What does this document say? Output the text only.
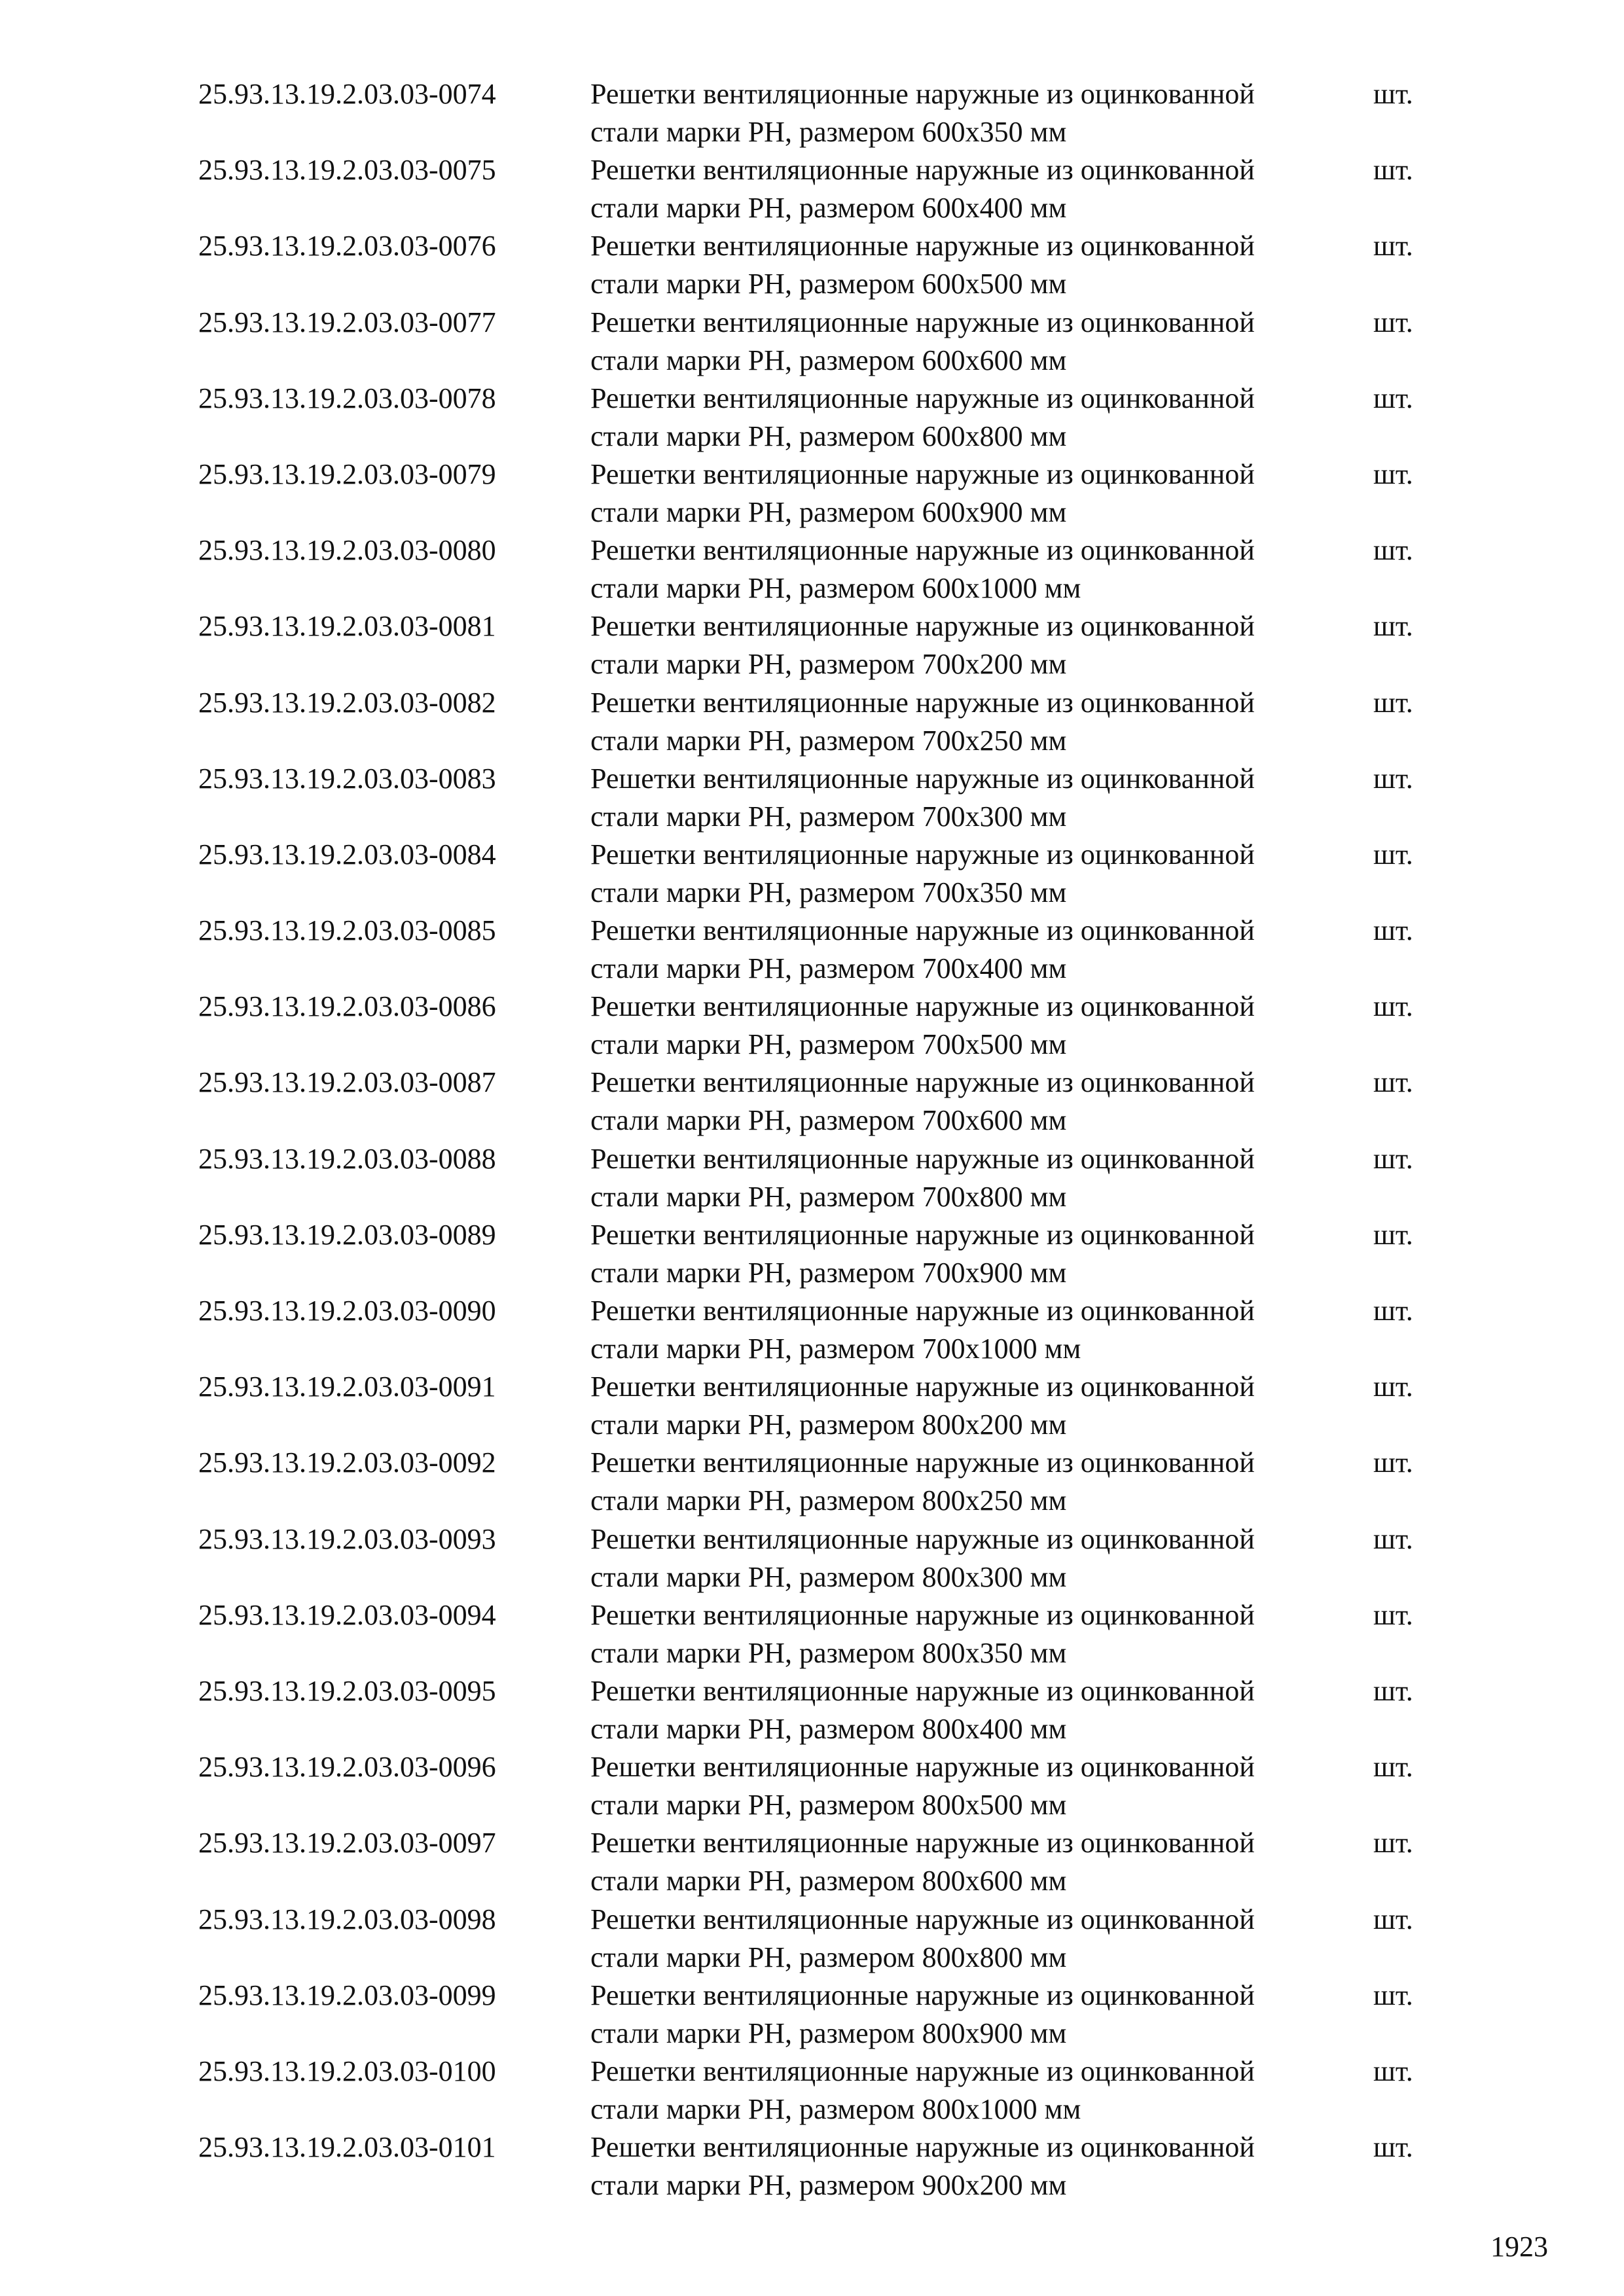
25.93.13.19.2.03.03-0074	Решетки вентиляционные наружные из оцинкованной
стали марки РН, размером 600х350 мм
шт.
25.93.13.19.2.03.03-0075	Решетки вентиляционные наружные из оцинкованной
стали марки РН, размером 600х400 мм
шт.
25.93.13.19.2.03.03-0076	Решетки вентиляционные наружные из оцинкованной
стали марки РН, размером 600х500 мм
шт.
25.93.13.19.2.03.03-0077	Решетки вентиляционные наружные из оцинкованной
стали марки РН, размером 600х600 мм
шт.
25.93.13.19.2.03.03-0078	Решетки вентиляционные наружные из оцинкованной
стали марки РН, размером 600х800 мм
шт.
25.93.13.19.2.03.03-0079	Решетки вентиляционные наружные из оцинкованной
стали марки РН, размером 600х900 мм
шт.
25.93.13.19.2.03.03-0080	Решетки вентиляционные наружные из оцинкованной
стали марки РН, размером 600х1000 мм
шт.
25.93.13.19.2.03.03-0081	Решетки вентиляционные наружные из оцинкованной
стали марки РН, размером 700х200 мм
шт.
25.93.13.19.2.03.03-0082	Решетки вентиляционные наружные из оцинкованной
стали марки РН, размером 700х250 мм
шт.
25.93.13.19.2.03.03-0083	Решетки вентиляционные наружные из оцинкованной
стали марки РН, размером 700х300 мм
шт.
25.93.13.19.2.03.03-0084	Решетки вентиляционные наружные из оцинкованной
стали марки РН, размером 700х350 мм
шт.
25.93.13.19.2.03.03-0085	Решетки вентиляционные наружные из оцинкованной
стали марки РН, размером 700х400 мм
шт.
25.93.13.19.2.03.03-0086	Решетки вентиляционные наружные из оцинкованной
стали марки РН, размером 700х500 мм
шт.
25.93.13.19.2.03.03-0087	Решетки вентиляционные наружные из оцинкованной
стали марки РН, размером 700х600 мм
шт.
25.93.13.19.2.03.03-0088	Решетки вентиляционные наружные из оцинкованной
стали марки РН, размером 700х800 мм
шт.
25.93.13.19.2.03.03-0089	Решетки вентиляционные наружные из оцинкованной
стали марки РН, размером 700х900 мм
шт.
25.93.13.19.2.03.03-0090	Решетки вентиляционные наружные из оцинкованной
стали марки РН, размером 700х1000 мм
шт.
25.93.13.19.2.03.03-0091	Решетки вентиляционные наружные из оцинкованной
стали марки РН, размером 800х200 мм
шт.
25.93.13.19.2.03.03-0092	Решетки вентиляционные наружные из оцинкованной
стали марки РН, размером 800х250 мм
шт.
25.93.13.19.2.03.03-0093	Решетки вентиляционные наружные из оцинкованной
стали марки РН, размером 800х300 мм
шт.
25.93.13.19.2.03.03-0094	Решетки вентиляционные наружные из оцинкованной
стали марки РН, размером 800х350 мм
шт.
25.93.13.19.2.03.03-0095	Решетки вентиляционные наружные из оцинкованной
стали марки РН, размером 800х400 мм
шт.
25.93.13.19.2.03.03-0096	Решетки вентиляционные наружные из оцинкованной
стали марки РН, размером 800х500 мм
шт.
25.93.13.19.2.03.03-0097	Решетки вентиляционные наружные из оцинкованной
стали марки РН, размером 800х600 мм
шт.
25.93.13.19.2.03.03-0098	Решетки вентиляционные наружные из оцинкованной
стали марки РН, размером 800х800 мм
шт.
25.93.13.19.2.03.03-0099	Решетки вентиляционные наружные из оцинкованной
стали марки РН, размером 800х900 мм
шт.
25.93.13.19.2.03.03-0100	Решетки вентиляционные наружные из оцинкованной
стали марки РН, размером 800х1000 мм
шт.
25.93.13.19.2.03.03-0101	Решетки вентиляционные наружные из оцинкованной
стали марки РН, размером 900х200 мм
шт.
1923
